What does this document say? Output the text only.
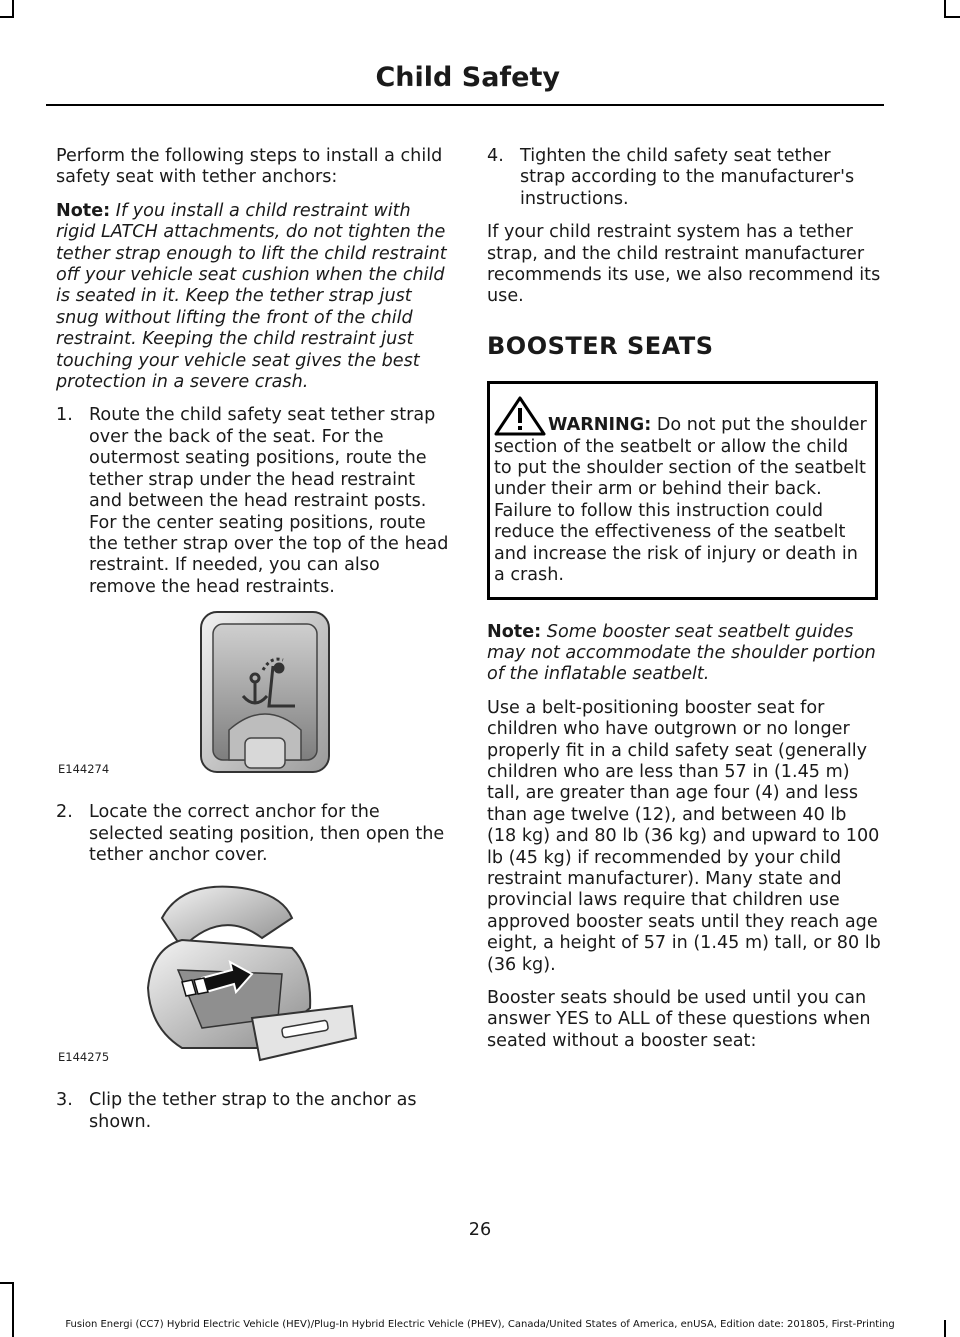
Child Safety

Perform the following steps to install a child safety seat with tether anchors:

Note: If you install a child restraint with rigid LATCH attachments, do not tighten the tether strap enough to lift the child restraint off your vehicle seat cushion when the child is seated in it. Keep the tether strap just snug without lifting the front of the child restraint. Keeping the child restraint just touching your vehicle seat gives the best protection in a severe crash.

1. Route the child safety seat tether strap over the back of the seat. For the outermost seating positions, route the tether strap under the head restraint and between the head restraint posts. For the center seating positions, route the tether strap over the top of the head restraint. If needed, you can also remove the head restraints.
E144274
2. Locate the correct anchor for the selected seating position, then open the tether anchor cover.
E144275
3. Clip the tether strap to the anchor as shown.
4. Tighten the child safety seat tether strap according to the manufacturer's instructions.

If your child restraint system has a tether strap, and the child restraint manufacturer recommends its use, we also recommend its use.

BOOSTER SEATS
WARNING: Do not put the shoulder section of the seatbelt or allow the child to put the shoulder section of the seatbelt under their arm or behind their back. Failure to follow this instruction could reduce the effectiveness of the seatbelt and increase the risk of injury or death in a crash.

Note: Some booster seat seatbelt guides may not accommodate the shoulder portion of the inflatable seatbelt.

Use a belt-positioning booster seat for children who have outgrown or no longer properly fit in a child safety seat (generally children who are less than 57 in (1.45 m) tall, are greater than age four (4) and less than age twelve (12), and between 40 lb (18 kg) and 80 lb (36 kg) and upward to 100 lb (45 kg) if recommended by your child restraint manufacturer). Many state and provincial laws require that children use approved booster seats until they reach age eight, a height of 57 in (1.45 m) tall, or 80 lb (36 kg).

Booster seats should be used until you can answer YES to ALL of these questions when seated without a booster seat:

26
Fusion Energi (CC7) Hybrid Electric Vehicle (HEV)/Plug-In Hybrid Electric Vehicle (PHEV), Canada/United States of America, enUSA, Edition date: 201805, First-Printing
